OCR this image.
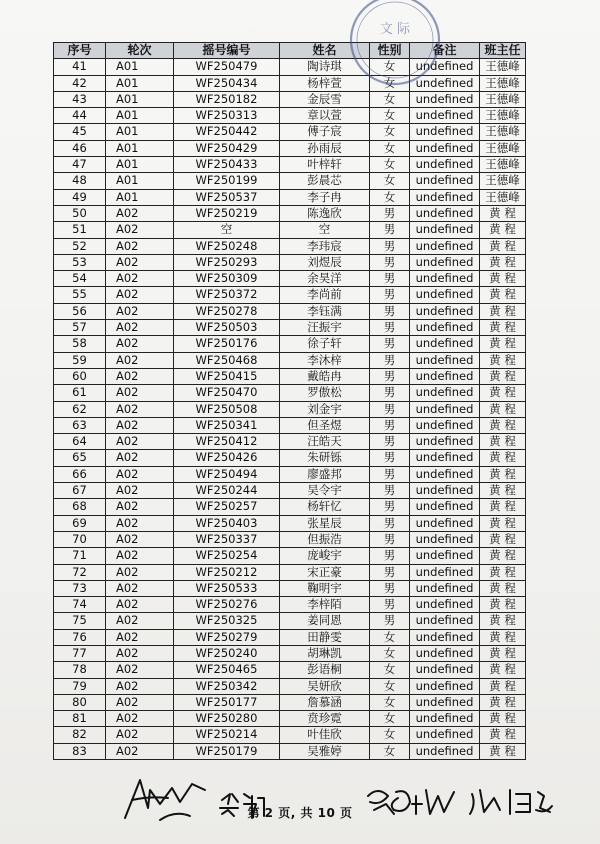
序号	轮次	摇号编号	姓名	性别	备注	班主任
41	A01	WF250479	陶诗琪	女	undefined	王德峰
42	A01	WF250434	杨梓萱	女	undefined	王德峰
43	A01	WF250182	金辰雪	女	undefined	王德峰
44	A01	WF250313	章以萱	女	undefined	王德峰
45	A01	WF250442	傅子宸	女	undefined	王德峰
46	A01	WF250429	孙雨辰	女	undefined	王德峰
47	A01	WF250433	叶梓轩	女	undefined	王德峰
48	A01	WF250199	彭晨芯	女	undefined	王德峰
49	A01	WF250537	李子冉	女	undefined	王德峰
50	A02	WF250219	陈逸欣	男	undefined	黄 程
51	A02	空	空	男	undefined	黄 程
52	A02	WF250248	李玮宸	男	undefined	黄 程
53	A02	WF250293	刘煜辰	男	undefined	黄 程
54	A02	WF250309	余昊洋	男	undefined	黄 程
55	A02	WF250372	李尚前	男	undefined	黄 程
56	A02	WF250278	李钰满	男	undefined	黄 程
57	A02	WF250503	汪振宇	男	undefined	黄 程
58	A02	WF250176	徐子轩	男	undefined	黄 程
59	A02	WF250468	李沐梓	男	undefined	黄 程
60	A02	WF250415	戴皓冉	男	undefined	黄 程
61	A02	WF250470	罗傲松	男	undefined	黄 程
62	A02	WF250508	刘金宇	男	undefined	黄 程
63	A02	WF250341	但圣煜	男	undefined	黄 程
64	A02	WF250412	汪皓天	男	undefined	黄 程
65	A02	WF250426	朱研铄	男	undefined	黄 程
66	A02	WF250494	廖盛邦	男	undefined	黄 程
67	A02	WF250244	吴令宇	男	undefined	黄 程
68	A02	WF250257	杨轩忆	男	undefined	黄 程
69	A02	WF250403	张星辰	男	undefined	黄 程
70	A02	WF250337	但振浩	男	undefined	黄 程
71	A02	WF250254	庞峻宇	男	undefined	黄 程
72	A02	WF250212	宋正豪	男	undefined	黄 程
73	A02	WF250533	鞠明宇	男	undefined	黄 程
74	A02	WF250276	李梓陌	男	undefined	黄 程
75	A02	WF250325	姜同恩	男	undefined	黄 程
76	A02	WF250279	田静雯	女	undefined	黄 程
77	A02	WF250240	胡琳凯	女	undefined	黄 程
78	A02	WF250465	彭语桐	女	undefined	黄 程
79	A02	WF250342	吴妍欣	女	undefined	黄 程
80	A02	WF250177	詹慕涵	女	undefined	黄 程
81	A02	WF250280	贲珍霓	女	undefined	黄 程
82	A02	WF250214	叶佳欣	女	undefined	黄 程
83	A02	WF250179	吴雅婷	女	undefined	黄 程
文 际
第 2 页, 共 10 页
